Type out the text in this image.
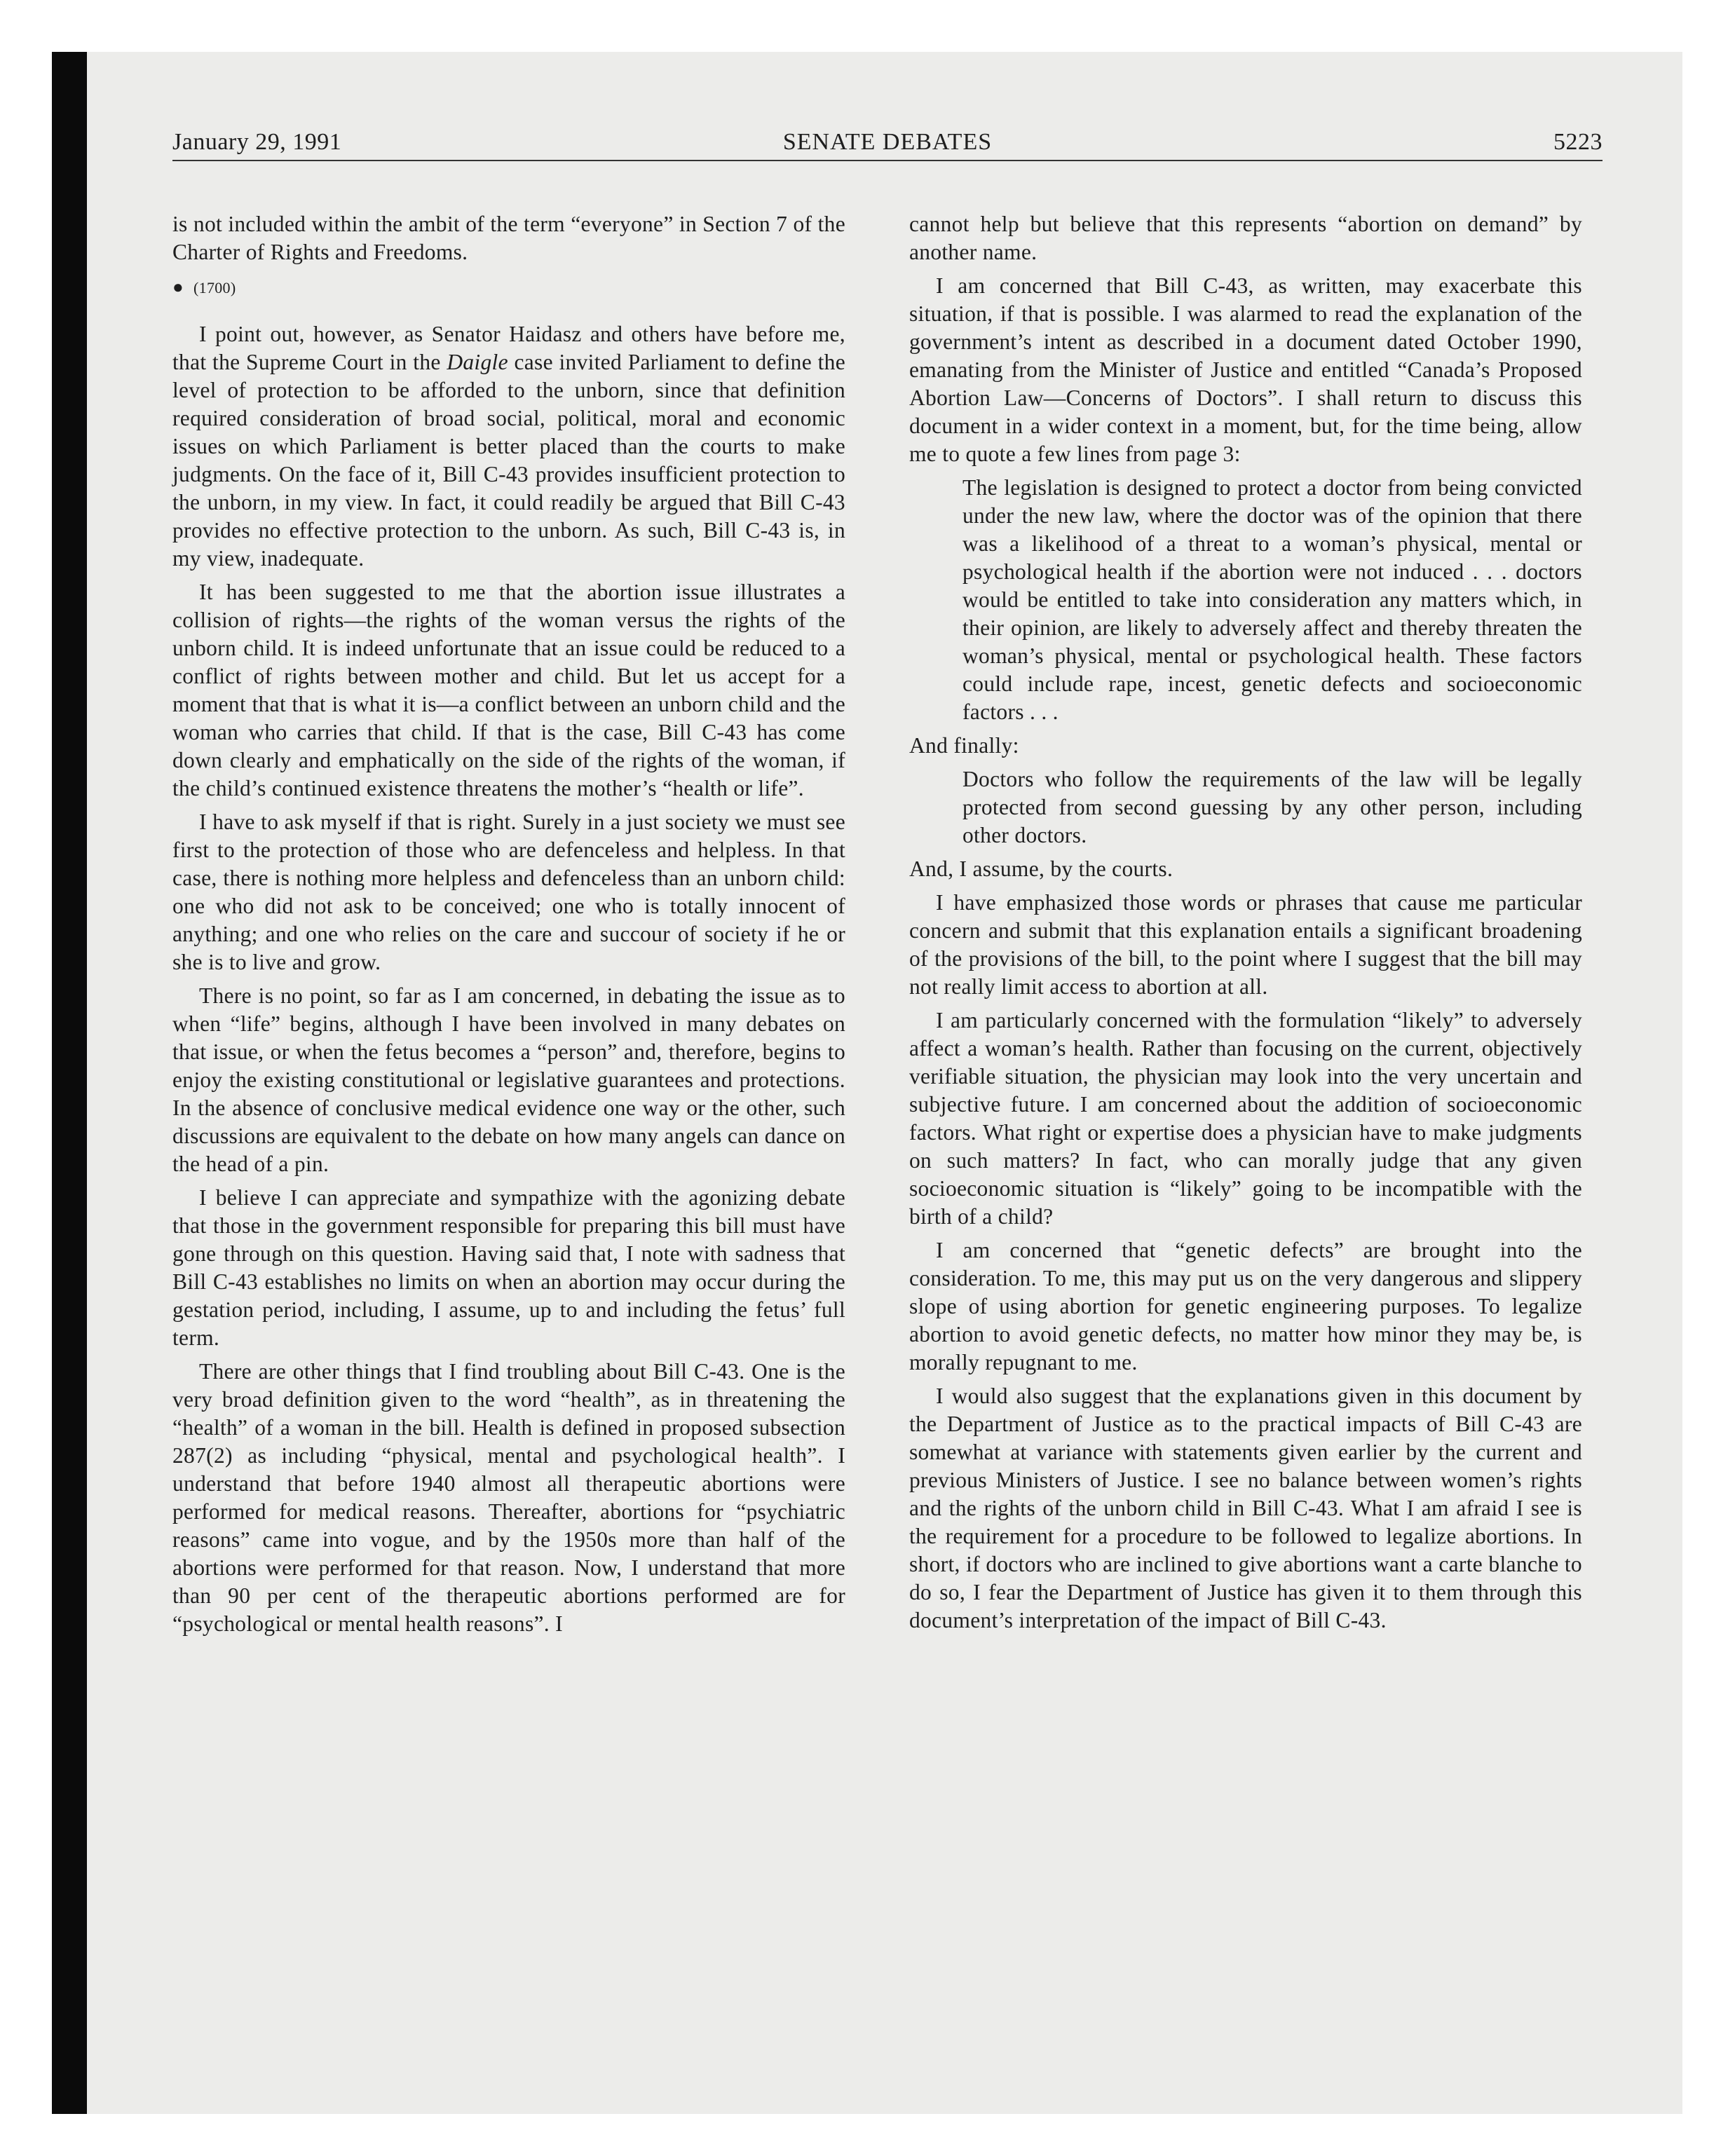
January 29, 1991	SENATE DEBATES	5223

is not included within the ambit of the term “everyone” in Section 7 of the Charter of Rights and Freedoms.

● (1700)

I point out, however, as Senator Haidasz and others have before me, that the Supreme Court in the Daigle case invited Parliament to define the level of protection to be afforded to the unborn, since that definition required consideration of broad social, political, moral and economic issues on which Parliament is better placed than the courts to make judgments. On the face of it, Bill C-43 provides insufficient protection to the unborn, in my view. In fact, it could readily be argued that Bill C-43 provides no effective protection to the unborn. As such, Bill C-43 is, in my view, inadequate.

It has been suggested to me that the abortion issue illustrates a collision of rights—the rights of the woman versus the rights of the unborn child. It is indeed unfortunate that an issue could be reduced to a conflict of rights between mother and child. But let us accept for a moment that that is what it is—a conflict between an unborn child and the woman who carries that child. If that is the case, Bill C-43 has come down clearly and emphatically on the side of the rights of the woman, if the child’s continued existence threatens the mother’s “health or life”.

I have to ask myself if that is right. Surely in a just society we must see first to the protection of those who are defenceless and helpless. In that case, there is nothing more helpless and defenceless than an unborn child: one who did not ask to be conceived; one who is totally innocent of anything; and one who relies on the care and succour of society if he or she is to live and grow.

There is no point, so far as I am concerned, in debating the issue as to when “life” begins, although I have been involved in many debates on that issue, or when the fetus becomes a “person” and, therefore, begins to enjoy the existing constitutional or legislative guarantees and protections. In the absence of conclusive medical evidence one way or the other, such discussions are equivalent to the debate on how many angels can dance on the head of a pin.

I believe I can appreciate and sympathize with the agonizing debate that those in the government responsible for preparing this bill must have gone through on this question. Having said that, I note with sadness that Bill C-43 establishes no limits on when an abortion may occur during the gestation period, including, I assume, up to and including the fetus’ full term.

There are other things that I find troubling about Bill C-43. One is the very broad definition given to the word “health”, as in threatening the “health” of a woman in the bill. Health is defined in proposed subsection 287(2) as including “physical, mental and psychological health”. I understand that before 1940 almost all therapeutic abortions were performed for medical reasons. Thereafter, abortions for “psychiatric reasons” came into vogue, and by the 1950s more than half of the abortions were performed for that reason. Now, I understand that more than 90 per cent of the therapeutic abortions performed are for “psychological or mental health reasons”. I

cannot help but believe that this represents “abortion on demand” by another name.

I am concerned that Bill C-43, as written, may exacerbate this situation, if that is possible. I was alarmed to read the explanation of the government’s intent as described in a document dated October 1990, emanating from the Minister of Justice and entitled “Canada’s Proposed Abortion Law—Concerns of Doctors”. I shall return to discuss this document in a wider context in a moment, but, for the time being, allow me to quote a few lines from page 3:

The legislation is designed to protect a doctor from being convicted under the new law, where the doctor was of the opinion that there was a likelihood of a threat to a woman’s physical, mental or psychological health if the abortion were not induced . . . doctors would be entitled to take into consideration any matters which, in their opinion, are likely to adversely affect and thereby threaten the woman’s physical, mental or psychological health. These factors could include rape, incest, genetic defects and socioeconomic factors . . .

And finally:

Doctors who follow the requirements of the law will be legally protected from second guessing by any other person, including other doctors.

And, I assume, by the courts.

I have emphasized those words or phrases that cause me particular concern and submit that this explanation entails a significant broadening of the provisions of the bill, to the point where I suggest that the bill may not really limit access to abortion at all.

I am particularly concerned with the formulation “likely” to adversely affect a woman’s health. Rather than focusing on the current, objectively verifiable situation, the physician may look into the very uncertain and subjective future. I am concerned about the addition of socioeconomic factors. What right or expertise does a physician have to make judgments on such matters? In fact, who can morally judge that any given socioeconomic situation is “likely” going to be incompatible with the birth of a child?

I am concerned that “genetic defects” are brought into the consideration. To me, this may put us on the very dangerous and slippery slope of using abortion for genetic engineering purposes. To legalize abortion to avoid genetic defects, no matter how minor they may be, is morally repugnant to me.

I would also suggest that the explanations given in this document by the Department of Justice as to the practical impacts of Bill C-43 are somewhat at variance with statements given earlier by the current and previous Ministers of Justice. I see no balance between women’s rights and the rights of the unborn child in Bill C-43. What I am afraid I see is the requirement for a procedure to be followed to legalize abortions. In short, if doctors who are inclined to give abortions want a carte blanche to do so, I fear the Department of Justice has given it to them through this document’s interpretation of the impact of Bill C-43.
